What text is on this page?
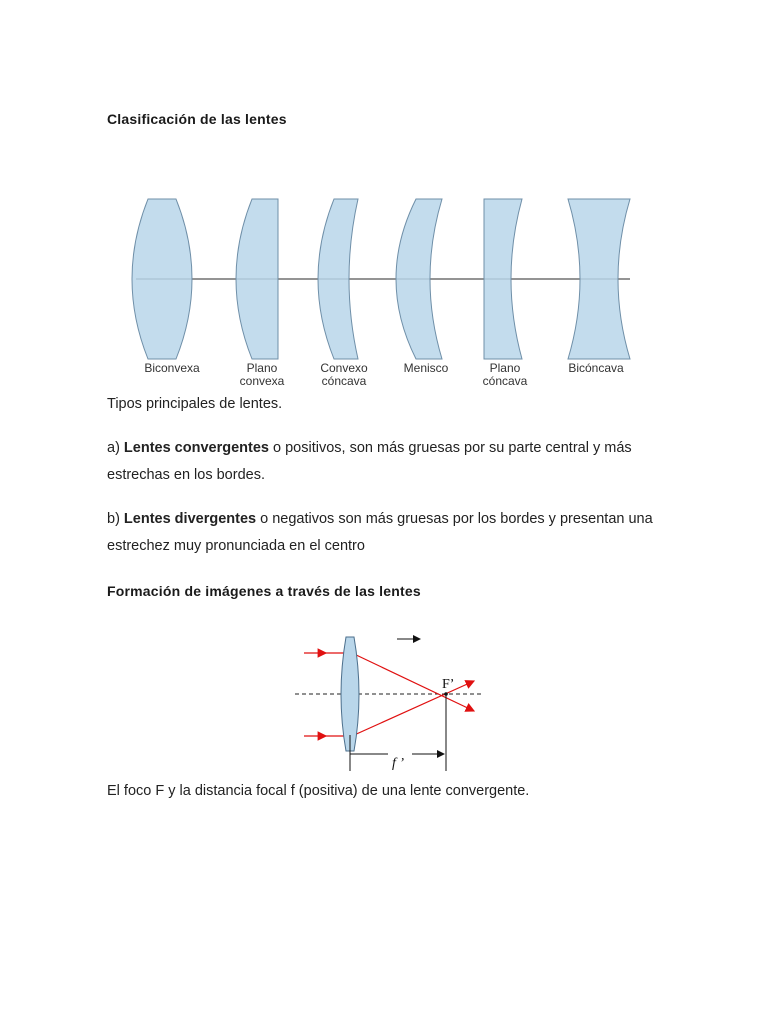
Clasificación de las lentes
Biconvexa	Plano
convexa
Convexo
cóncava
Menisco	Plano
cóncava
Bicóncava

Tipos principales de lentes.

a) Lentes convergentes o positivos, son más gruesas por su parte central y más estrechas en los bordes.

b) Lentes divergentes o negativos son más gruesas por los bordes y presentan una estrechez muy pronunciada en el centro

Formación de imágenes a través de las lentes
F’
f ’

El foco F y la distancia focal f (positiva) de una lente convergente.
